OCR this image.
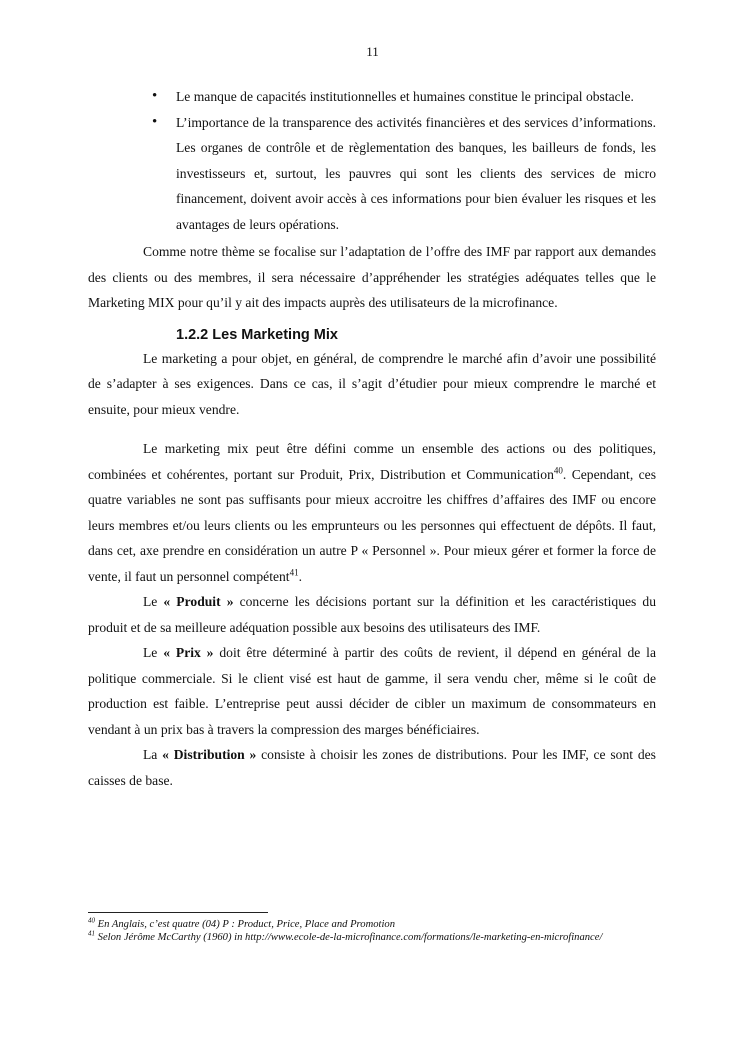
11
• Le manque de capacités institutionnelles et humaines constitue le principal obstacle.
• L’importance de la transparence des activités financières et des services d’informations. Les organes de contrôle et de règlementation des banques, les bailleurs de fonds, les investisseurs et, surtout, les pauvres qui sont les clients des services de micro financement, doivent avoir accès à ces informations pour bien évaluer les risques et les avantages de leurs opérations.

Comme notre thème se focalise sur l’adaptation de l’offre des IMF par rapport aux demandes des clients ou des membres, il sera nécessaire d’appréhender les stratégies adéquates telles que le Marketing MIX pour qu’il y ait des impacts auprès des utilisateurs de la microfinance.

1.2.2 Les Marketing Mix

Le marketing a pour objet, en général, de comprendre le marché afin d’avoir une possibilité de s’adapter à ses exigences. Dans ce cas, il s’agit d’étudier pour mieux comprendre le marché et ensuite, pour mieux vendre.

Le marketing mix peut être défini comme un ensemble des actions ou des politiques, combinées et cohérentes, portant sur Produit, Prix, Distribution et Communication$^{40}$. Cependant, ces quatre variables ne sont pas suffisants pour mieux accroitre les chiffres d’affaires des IMF ou encore leurs membres et/ou leurs clients ou les emprunteurs ou les personnes qui effectuent de dépôts. Il faut, dans cet, axe prendre en considération un autre P « Personnel ». Pour mieux gérer et former la force de vente, il faut un personnel compétent$^{41}$.

Le « Produit » concerne les décisions portant sur la définition et les caractéristiques du produit et de sa meilleure adéquation possible aux besoins des utilisateurs des IMF.

Le « Prix » doit être déterminé à partir des coûts de revient, il dépend en général de la politique commerciale. Si le client visé est haut de gamme, il sera vendu cher, même si le coût de production est faible. L’entreprise peut aussi décider de cibler un maximum de consommateurs en vendant à un prix bas à travers la compression des marges bénéficiaires.

La « Distribution » consiste à choisir les zones de distributions. Pour les IMF, ce sont des caisses de base.

$^{40}$ En Anglais, c’est quatre (04) P : Product, Price, Place and Promotion
$^{41}$ Selon Jérôme McCarthy (1960) in http://www.ecole-de-la-microfinance.com/formations/le-marketing-en-microfinance/
